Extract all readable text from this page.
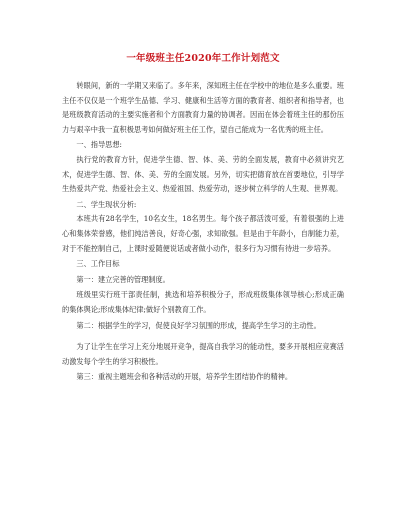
一年级班主任2020年工作计划范文

转眼间，新的一学期又来临了。多年来，深知班主任在学校中的地位是多么重要。班主任不仅仅是一个班学生品德、学习、健康和生活等方面的教育者、组织者和指导者，也是班级教育活动的主要实施者和个方面教育力量的协调者。因而在体会着班主任的那份压力与艰辛中我一直积极思考如何做好班主任工作，望自己能成为一名优秀的班主任。

一、指导思想:

执行党的教育方针，促进学生德、智、体、美、劳的全面发展，教育中必须讲究艺术，促进学生德、智、体、美、劳的全面发展。另外，切实把德育放在首要地位，引导学生热爱共产党、热爱社会主义、热爱祖国、热爱劳动，逐步树立科学的人生观、世界观。

二、学生现状分析:

本班共有28名学生，10名女生，18名男生。每个孩子都活泼可爱，有着很强的上进心和集体荣誉感，他们纯洁善良，好奇心强，求知欲强。但是由于年龄小，自制能力差，对于不能控制自己，上课时爱随便说话或者做小动作，很多行为习惯有待进一步培养。

三、工作目标

第一：建立完善的管理制度。

班级里实行班干部责任制，挑选和培养积极分子，形成班级集体领导核心;形成正确的集体舆论;形成集体纪律;做好个别教育工作。

第二：根据学生的学习，促使良好学习氛围的形成，提高学生学习的主动性。

为了让学生在学习上充分地展开竞争，提高自我学习的能动性，要多开展相应竞赛活动激发每个学生的学习积极性。

第三：重视主题班会和各种活动的开展，培养学生团结协作的精神。
